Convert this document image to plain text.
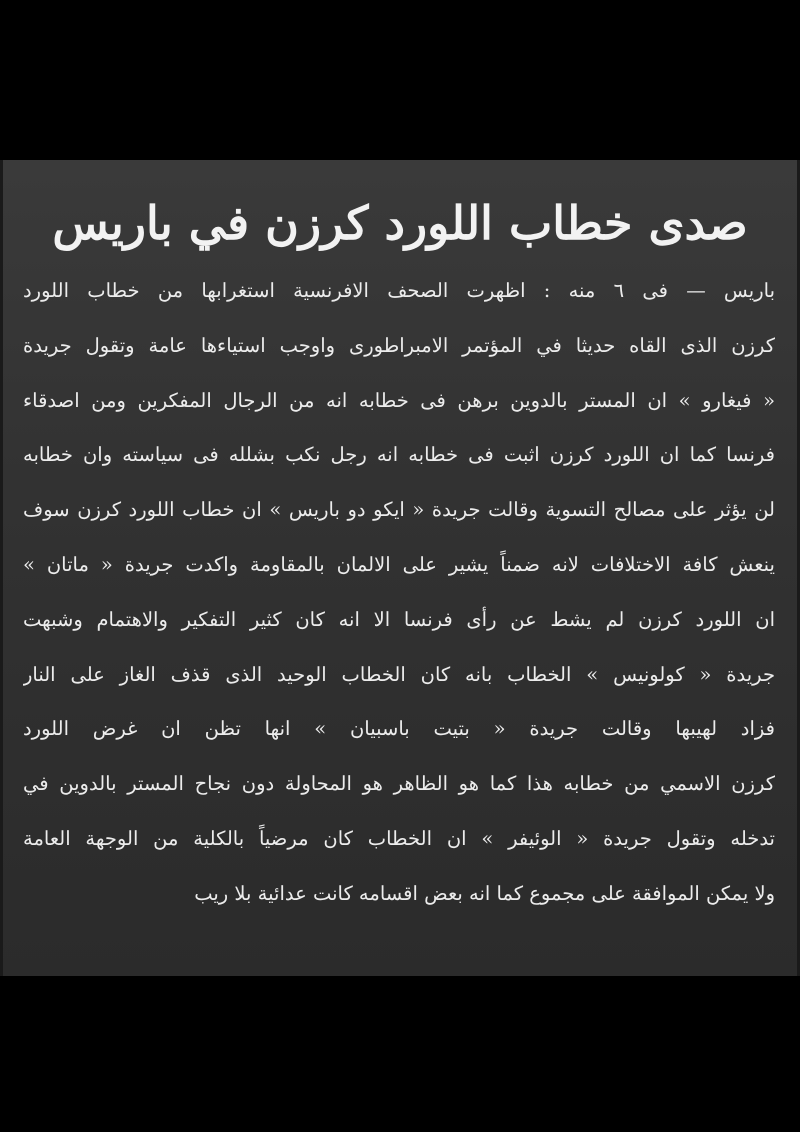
صدى خطاب اللورد كرزن في باريس
باريس — فى ٦ منه : اظهرت الصحف الافرنسية استغرابها من خطاب اللورد
كرزن الذى القاه حديثا في المؤتمر الامبراطورى واوجب استياءها عامة وتقول جريدة
« فيغارو » ان المستر بالدوين برهن فى خطابه انه من الرجال المفكرين ومن اصدقاء
فرنسا كما ان اللورد كرزن اثبت فى خطابه انه رجل نكب بشلله فى سياسته وان خطابه
لن يؤثر على مصالح التسوية وقالت جريدة « ايكو دو باريس » ان خطاب اللورد كرزن سوف
ينعش كافة الاختلافات لانه ضمناً يشير على الالمان بالمقاومة واكدت جريدة « ماتان »
ان اللورد كرزن لم يشط عن رأى فرنسا الا انه كان كثير التفكير والاهتمام وشبهت
جريدة « كولونيس » الخطاب بانه كان الخطاب الوحيد الذى قذف الغاز على النار
فزاد لهيبها وقالت جريدة « بتيت باسبيان » انها تظن ان غرض اللورد
كرزن الاسمي من خطابه هذا كما هو الظاهر هو المحاولة دون نجاح المستر بالدوين في
تدخله وتقول جريدة « الوئيفر » ان الخطاب كان مرضياً بالكلية من الوجهة العامة
ولا يمكن الموافقة على مجموع كما انه بعض اقسامه كانت عدائية بلا ريب
